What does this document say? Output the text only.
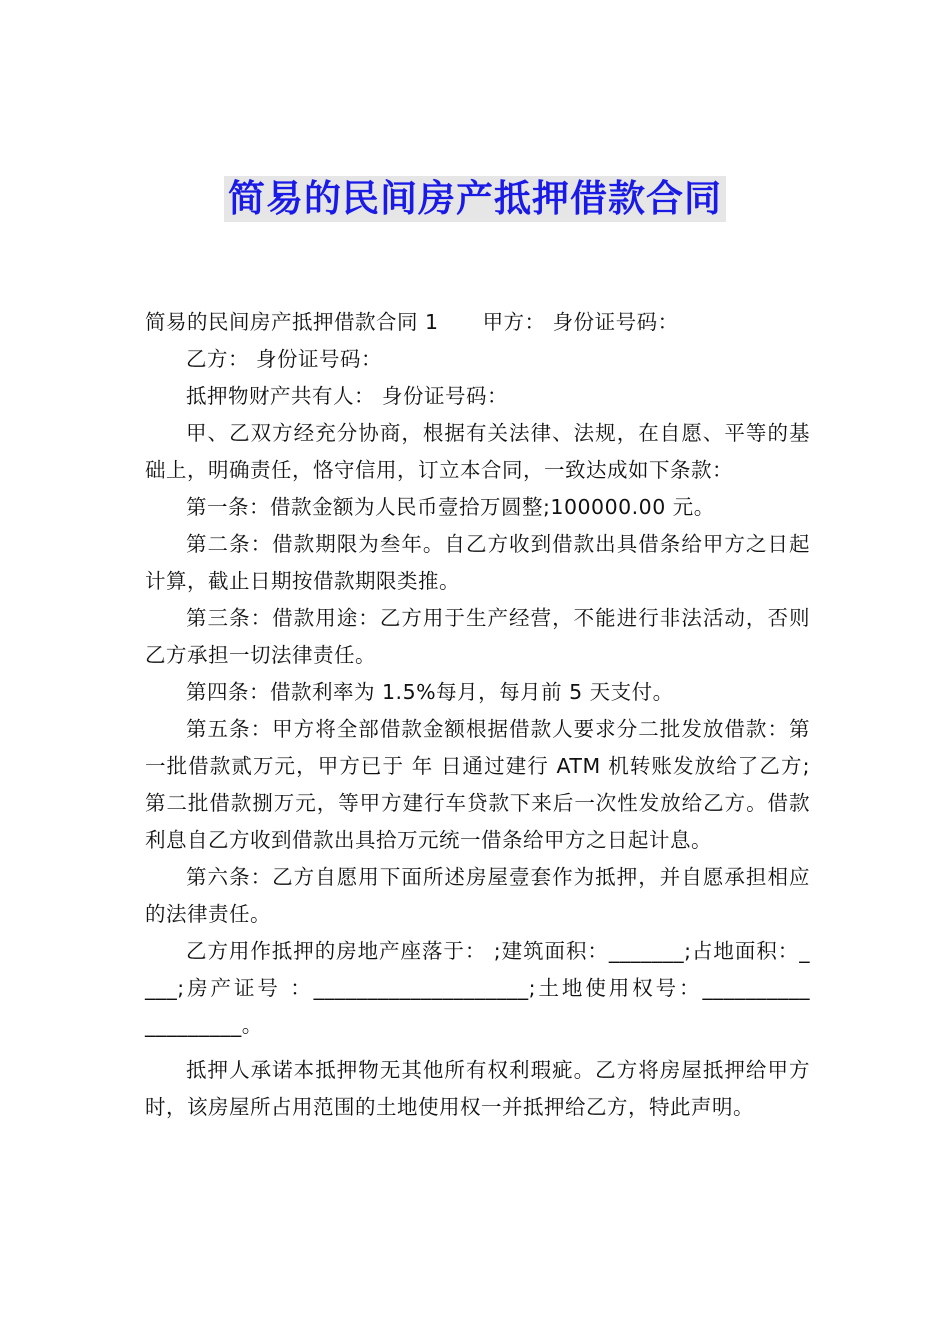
简易的民间房产抵押借款合同

简易的民间房产抵押借款合同 1 甲方： 身份证号码：

乙方： 身份证号码：

抵押物财产共有人： 身份证号码：

甲、乙双方经充分协商，根据有关法律、法规，在自愿、平等的基础上，明确责任，恪守信用，订立本合同，一致达成如下条款：

第一条：借款金额为人民币壹拾万圆整;100000.00 元。

第二条：借款期限为叁年。自乙方收到借款出具借条给甲方之日起计算，截止日期按借款期限类推。

第三条：借款用途：乙方用于生产经营，不能进行非法活动，否则乙方承担一切法律责任。

第四条：借款利率为 1.5%每月，每月前 5 天支付。

第五条：甲方将全部借款金额根据借款人要求分二批发放借款：第一批借款贰万元，甲方已于 年 日通过建行 ATM 机转账发放给了乙方;第二批借款捌万元，等甲方建行车贷款下来后一次性发放给乙方。借款利息自乙方收到借款出具拾万元统一借条给甲方之日起计息。

第六条：乙方自愿用下面所述房屋壹套作为抵押，并自愿承担相应的法律责任。

乙方用作抵押的房地产座落于： ;建筑面积：_______;占地面积：_ ___;房产证号 ：____________________;土地使用权号：__________ _________。

抵押人承诺本抵押物无其他所有权利瑕疵。乙方将房屋抵押给甲方时，该房屋所占用范围的土地使用权一并抵押给乙方，特此声明。
